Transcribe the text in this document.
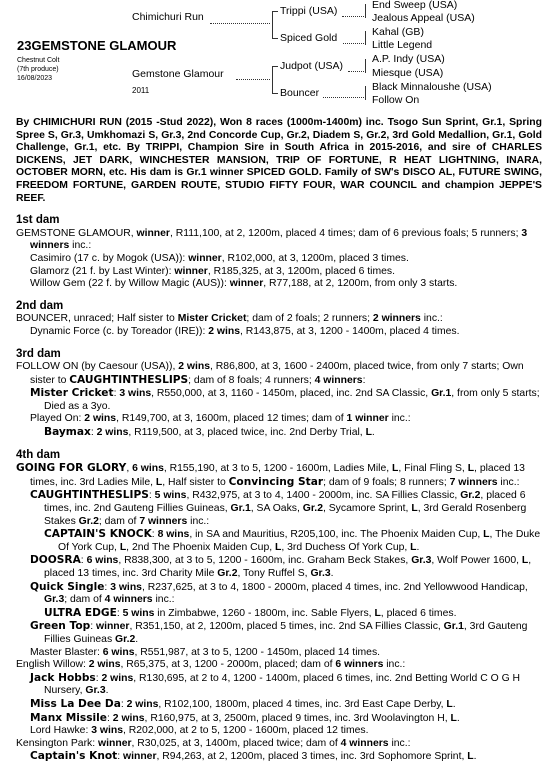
Chimichuri Run	Trippi (USA)
Spiced Gold
End Sweep (USA)
Jealous Appeal (USA)
Kahal (GB)
Little Legend
Gemstone Glamour
2011
Judpot (USA)
Bouncer
A.P. Indy (USA)
Miesque (USA)
Black Minnaloushe (USA)
Follow On
23GEMSTONE GLAMOUR
Chestnut Colt
(7th produce)
16/08/2023

By CHIMICHURI RUN (2015 -Stud 2022), Won 8 races (1000m-1400m) inc. Tsogo Sun Sprint, Gr.1, Spring Spree S, Gr.3, Umkhomazi S, Gr.3, 2nd Concorde Cup, Gr.2, Diadem S, Gr.2, 3rd Gold Medallion, Gr.1, Gold Challenge, Gr.1, etc. By TRIPPI, Champion Sire in South Africa in 2015-2016, and sire of CHARLES DICKENS, JET DARK, WINCHESTER MANSION, TRIP OF FORTUNE, R HEAT LIGHTNING, INARA, OCTOBER MORN, etc. His dam is Gr.1 winner SPICED GOLD. Family of SW's DISCO AL, FUTURE SWING, FREEDOM FORTUNE, GARDEN ROUTE, STUDIO FIFTY FOUR, WAR COUNCIL and champion JEPPE'S REEF.

1st dam

GEMSTONE GLAMOUR, winner, R111,100, at 2, 1200m, placed 4 times; dam of 6 previous foals; 5 runners; 3 winners inc.:

Casimiro (17 c. by Mogok (USA)): winner, R102,000, at 3, 1200m, placed 3 times.

Glamorz (21 f. by Last Winter): winner, R185,325, at 3, 1200m, placed 6 times.

Willow Gem (22 f. by Willow Magic (AUS)): winner, R77,188, at 2, 1200m, from only 3 starts.

2nd dam

BOUNCER, unraced; Half sister to Mister Cricket; dam of 2 foals; 2 runners; 2 winners inc.:

Dynamic Force (c. by Toreador (IRE)): 2 wins, R143,875, at 3, 1200 - 1400m, placed 4 times.

3rd dam

FOLLOW ON (by Caesour (USA)), 2 wins, R86,800, at 3, 1600 - 2400m, placed twice, from only 7 starts; Own sister to CAUGHTINTHESLIPS; dam of 8 foals; 4 runners; 4 winners:

Mister Cricket: 3 wins, R550,000, at 3, 1160 - 1450m, placed, inc. 2nd SA Classic, Gr.1, from only 5 starts; Died as a 3yo.

Played On: 2 wins, R149,700, at 3, 1600m, placed 12 times; dam of 1 winner inc.:

Baymax: 2 wins, R119,500, at 3, placed twice, inc. 2nd Derby Trial, L.

4th dam

GOING FOR GLORY, 6 wins, R155,190, at 3 to 5, 1200 - 1600m, Ladies Mile, L, Final Fling S, L, placed 13 times, inc. 3rd Ladies Mile, L, Half sister to Convincing Star; dam of 9 foals; 8 runners; 7 winners inc.:

CAUGHTINTHESLIPS: 5 wins, R432,975, at 3 to 4, 1400 - 2000m, inc. SA Fillies Classic, Gr.2, placed 6 times, inc. 2nd Gauteng Fillies Guineas, Gr.1, SA Oaks, Gr.2, Sycamore Sprint, L, 3rd Gerald Rosenberg Stakes Gr.2; dam of 7 winners inc.:

CAPTAIN'S KNOCK: 8 wins, in SA and Mauritius, R205,100, inc. The Phoenix Maiden Cup, L, The Duke Of York Cup, L, 2nd The Phoenix Maiden Cup, L, 3rd Duchess Of York Cup, L.

DOOSRA: 6 wins, R838,300, at 3 to 5, 1200 - 1600m, inc. Graham Beck Stakes, Gr.3, Wolf Power 1600, L, placed 13 times, inc. 3rd Charity Mile Gr.2, Tony Ruffel S, Gr.3.

Quick Single: 3 wins, R237,625, at 3 to 4, 1800 - 2000m, placed 4 times, inc. 2nd Yellowwood Handicap, Gr.3; dam of 4 winners inc.:

ULTRA EDGE: 5 wins in Zimbabwe, 1260 - 1800m, inc. Sable Flyers, L, placed 6 times.

Green Top: winner, R351,150, at 2, 1200m, placed 5 times, inc. 2nd SA Fillies Classic, Gr.1, 3rd Gauteng Fillies Guineas Gr.2.

Master Blaster: 6 wins, R551,987, at 3 to 5, 1200 - 1450m, placed 14 times.

English Willow: 2 wins, R65,375, at 3, 1200 - 2000m, placed; dam of 6 winners inc.:

Jack Hobbs: 2 wins, R130,695, at 2 to 4, 1200 - 1400m, placed 6 times, inc. 2nd Betting World C O G H Nursery, Gr.3.

Miss La Dee Da: 2 wins, R102,100, 1800m, placed 4 times, inc. 3rd East Cape Derby, L.

Manx Missile: 2 wins, R160,975, at 3, 2500m, placed 9 times, inc. 3rd Woolavington H, L.

Lord Hawke: 3 wins, R202,000, at 2 to 5, 1200 - 1600m, placed 12 times.

Kensington Park: winner, R30,025, at 3, 1400m, placed twice; dam of 4 winners inc.:

Captain's Knot: winner, R94,263, at 2, 1200m, placed 3 times, inc. 3rd Sophomore Sprint, L.
